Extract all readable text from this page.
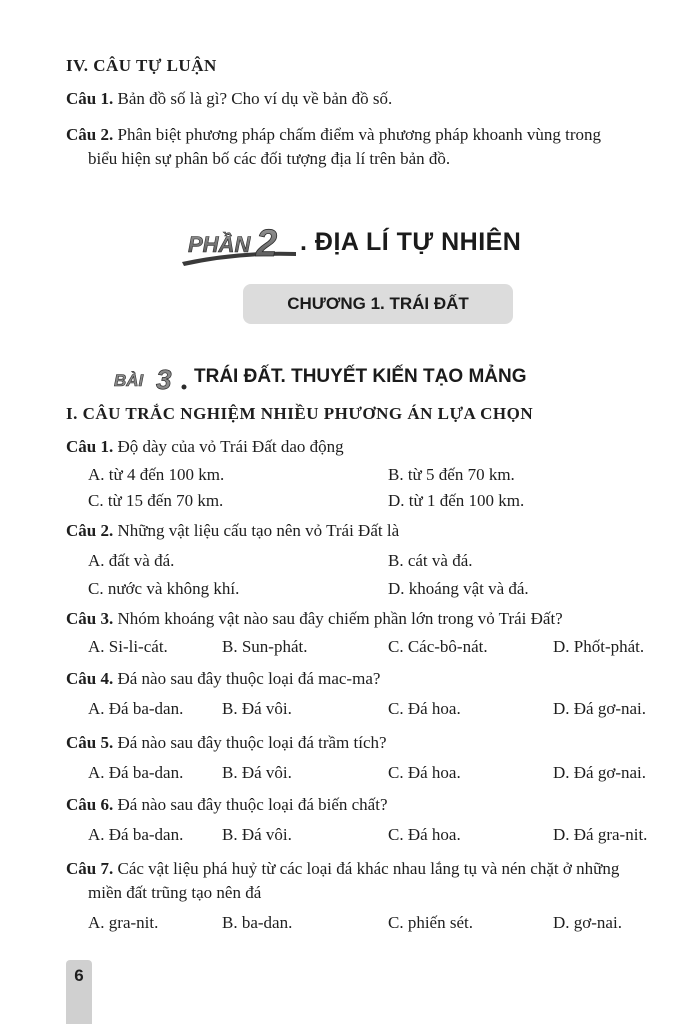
IV. CÂU TỰ LUẬN
Câu 1. Bản đồ số là gì? Cho ví dụ về bản đồ số.
Câu 2. Phân biệt phương pháp chấm điểm và phương pháp khoanh vùng trong
biểu hiện sự phân bố các đối tượng địa lí trên bản đồ.
PHẦN 2 . ĐỊA LÍ TỰ NHIÊN
CHƯƠNG 1. TRÁI ĐẤT
BÀI 3 TRÁI ĐẤT. THUYẾT KIẾN TẠO MẢNG
I. CÂU TRẮC NGHIỆM NHIỀU PHƯƠNG ÁN LỰA CHỌN
Câu 1. Độ dày của vỏ Trái Đất dao động
A. từ 4 đến 100 km.	B. từ 5 đến 70 km.
C. từ 15 đến 70 km.	D. từ 1 đến 100 km.
Câu 2. Những vật liệu cấu tạo nên vỏ Trái Đất là
A. đất và đá.	B. cát và đá.
C. nước và không khí.	D. khoáng vật và đá.
Câu 3. Nhóm khoáng vật nào sau đây chiếm phần lớn trong vỏ Trái Đất?
A. Si-li-cát.	B. Sun-phát.	C. Các-bô-nát.	D. Phốt-phát.
Câu 4. Đá nào sau đây thuộc loại đá mac-ma?
A. Đá ba-dan. B. Đá vôi.	C. Đá hoa.	D. Đá gơ-nai.
Câu 5. Đá nào sau đây thuộc loại đá trầm tích?
A. Đá ba-dan. B. Đá vôi.	C. Đá hoa.	D. Đá gơ-nai.
Câu 6. Đá nào sau đây thuộc loại đá biến chất?
A. Đá ba-dan. B. Đá vôi.	C. Đá hoa.	D. Đá gra-nit.
Câu 7. Các vật liệu phá huỷ từ các loại đá khác nhau lắng tụ và nén chặt ở những
miền đất trũng tạo nên đá
A. gra-nit.	B. ba-dan.	C. phiến sét.	D. gơ-nai.
6
